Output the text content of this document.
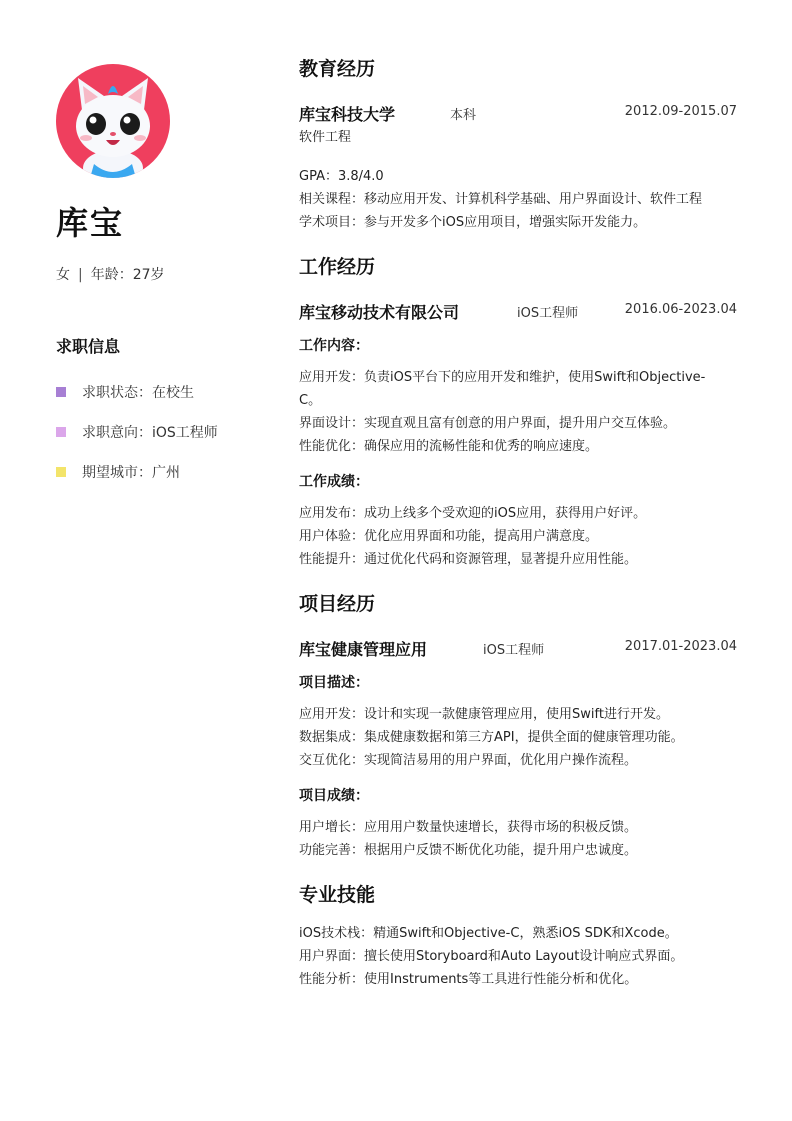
库宝
女 | 年龄：27岁
求职信息
求职状态：在校生
求职意向：iOS工程师
期望城市：广州
教育经历
库宝科技大学	本科	2012.09-2015.07
软件工程
GPA：3.8/4.0
相关课程：移动应用开发、计算机科学基础、用户界面设计、软件工程
学术项目：参与开发多个iOS应用项目，增强实际开发能力。
工作经历
库宝移动技术有限公司	iOS工程师	2016.06-2023.04
工作内容：
应用开发：负责iOS平台下的应用开发和维护，使用Swift和Objective-
C。
界面设计：实现直观且富有创意的用户界面，提升用户交互体验。
性能优化：确保应用的流畅性能和优秀的响应速度。
工作成绩：
应用发布：成功上线多个受欢迎的iOS应用，获得用户好评。
用户体验：优化应用界面和功能，提高用户满意度。
性能提升：通过优化代码和资源管理，显著提升应用性能。
项目经历
库宝健康管理应用	iOS工程师	2017.01-2023.04
项目描述：
应用开发：设计和实现一款健康管理应用，使用Swift进行开发。
数据集成：集成健康数据和第三方API，提供全面的健康管理功能。
交互优化：实现简洁易用的用户界面，优化用户操作流程。
项目成绩：
用户增长：应用用户数量快速增长，获得市场的积极反馈。
功能完善：根据用户反馈不断优化功能，提升用户忠诚度。
专业技能
iOS技术栈：精通Swift和Objective-C，熟悉iOS SDK和Xcode。
用户界面：擅长使用Storyboard和Auto Layout设计响应式界面。
性能分析：使用Instruments等工具进行性能分析和优化。
